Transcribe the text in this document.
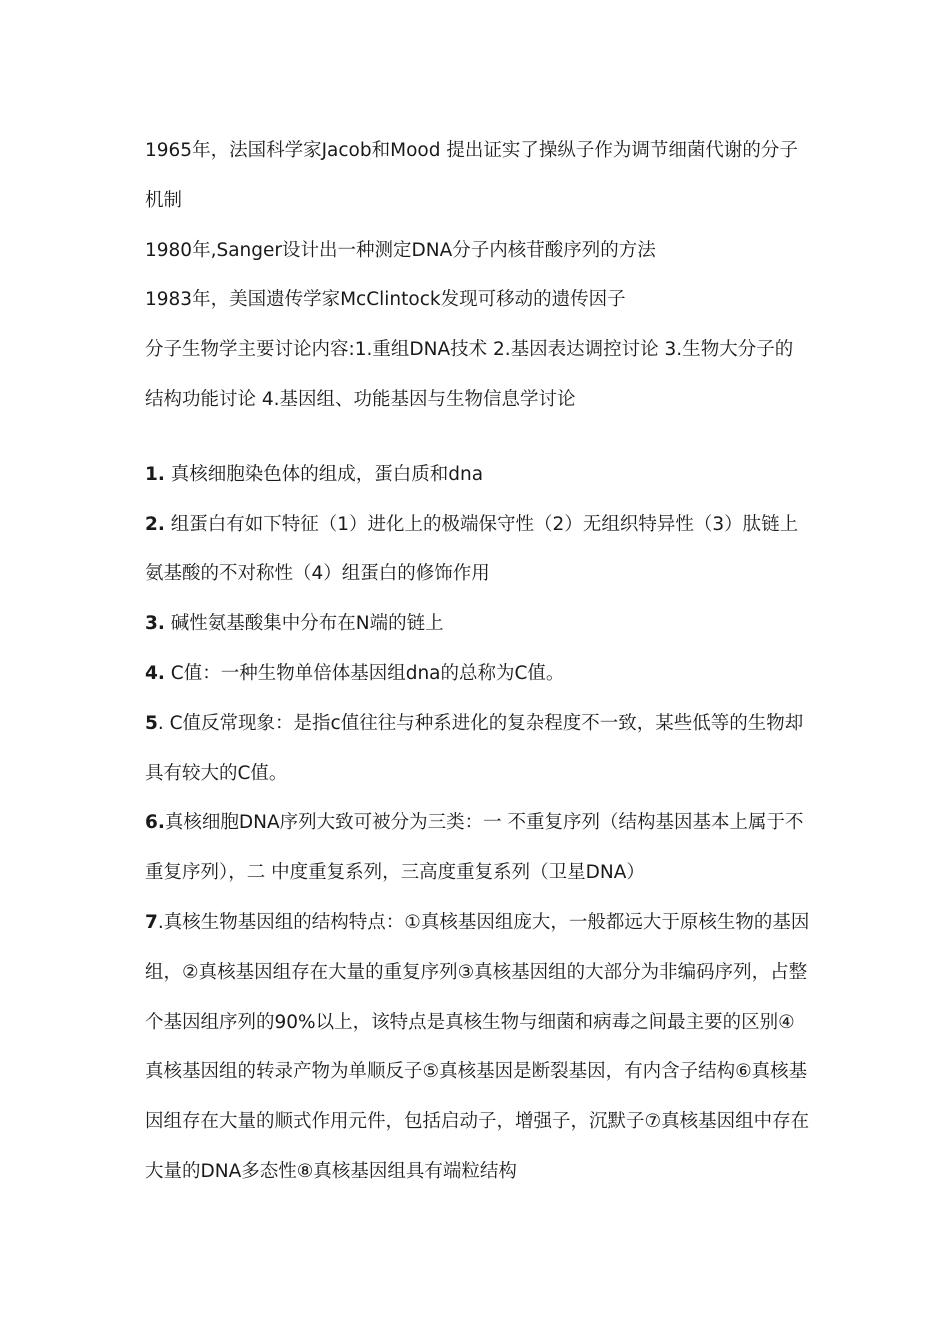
1965年，法国科学家Jacob和Mood 提出证实了操纵子作为调节细菌代谢的分子机制

1980年,Sanger设计出一种测定DNA分子内核苷酸序列的方法

1983年，美国遗传学家McClintock发现可移动的遗传因子

分子生物学主要讨论内容:1.重组DNA技术 2.基因表达调控讨论 3.生物大分子的结构功能讨论 4.基因组、功能基因与生物信息学讨论

1. 真核细胞染色体的组成，蛋白质和dna

2. 组蛋白有如下特征（1）进化上的极端保守性（2）无组织特异性（3）肽链上氨基酸的不对称性（4）组蛋白的修饰作用

3. 碱性氨基酸集中分布在N端的链上

4. C值：一种生物单倍体基因组dna的总称为C值。

5. C值反常现象：是指c值往往与种系进化的复杂程度不一致，某些低等的生物却具有较大的C值。

6.真核细胞DNA序列大致可被分为三类：一 不重复序列（结构基因基本上属于不重复序列），二 中度重复系列，三高度重复系列（卫星DNA）

7.真核生物基因组的结构特点：①真核基因组庞大，一般都远大于原核生物的基因组，②真核基因组存在大量的重复序列③真核基因组的大部分为非编码序列，占整个基因组序列的90%以上，该特点是真核生物与细菌和病毒之间最主要的区别④真核基因组的转录产物为单顺反子⑤真核基因是断裂基因，有内含子结构⑥真核基因组存在大量的顺式作用元件，包括启动子，增强子，沉默子⑦真核基因组中存在大量的DNA多态性⑧真核基因组具有端粒结构
